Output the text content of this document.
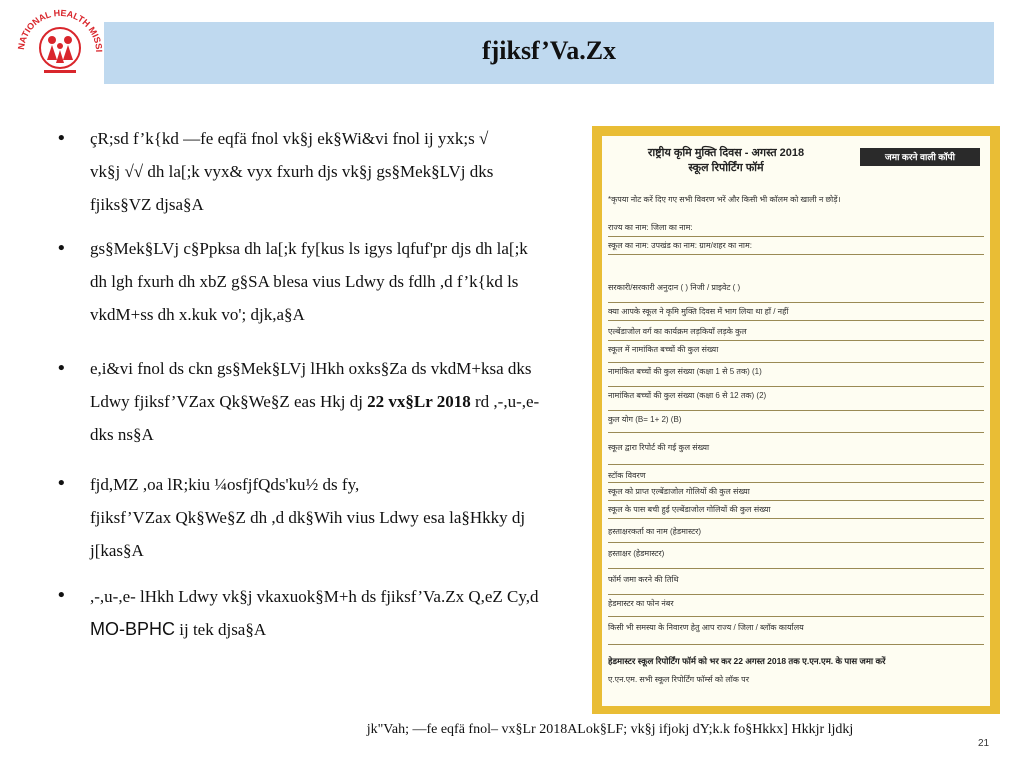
NATIONAL HEALTH MISSI	fjiksf’Va.Zx
• çR;sd f’k{kd —fe eqfä fnol vk§j ek§Wi&vi fnol ij yxk;s √
vk§j √√ dh la[;k vyx& vyx fxurh djs vk§j gs§Mek§LVj dks
fjiks§VZ djsa§A
• gs§Mek§LVj c§Ppksa dh la[;k fy[kus ls igys lqfuf'pr djs dh la[;k
dh lgh fxurh dh xbZ g§SA blesa vius Ldwy ds fdlh ,d f’k{kd ls
vkdM+ss dh x.kuk vo'; djk,a§A
• e,i&vi fnol ds ckn gs§Mek§LVj lHkh oxks§Za ds vkdM+ksa dks
Ldwy fjiksf’VZax Qk§We§Z eas Hkj dj 22 vx§Lr 2018 rd ,-,u-,e-
dks ns§A
• fjd,MZ ,oa lR;kiu ¼osfjfQds'ku½ ds fy,
fjiksf’VZax Qk§We§Z dh ,d dk§Wih vius Ldwy esa la§Hkky dj
j[kas§A
• ,-,u-,e- lHkh Ldwy vk§j vkaxuok§M+h ds fjiksf’Va.Zx Q,eZ Cy,d
MO-BPHC ij tek djsa§A
राष्ट्रीय कृमि मुक्ति दिवस - अगस्त 2018
स्कूल रिपोर्टिंग फॉर्म
जमा करने वाली कॉपी
*कृपया नोट करें दिए गए सभी विवरण भरें और किसी भी कॉलम को खाली न छोड़ें।
राज्य का नाम: जिला का नाम:
स्कूल का नाम: उपखंड का नाम: ग्राम/शहर का नाम:
सरकारी/सरकारी अनुदान ( ) निजी / प्राइवेट ( )
क्या आपके स्कूल ने कृमि मुक्ति दिवस में भाग लिया था हाँ / नहीं
एल्बेंडाजोल वर्ग का कार्यक्रम लड़कियाँ लड़के कुल
स्कूल में नामांकित बच्चों की कुल संख्या
नामांकित बच्चों की कुल संख्या (कक्षा 1 से 5 तक) (1)
नामांकित बच्चों की कुल संख्या (कक्षा 6 से 12 तक) (2)
कुल योग (B= 1+ 2) (B)
स्कूल द्वारा रिपोर्ट की गई कुल संख्या
स्टॉक विवरण
स्कूल को प्राप्त एल्बेंडाजोल गोलियों की कुल संख्या
स्कूल के पास बची हुई एल्बेंडाजोल गोलियों की कुल संख्या
हस्ताक्षरकर्ता का नाम (हेडमास्टर)
हस्ताक्षर (हेडमास्टर)
फॉर्म जमा करने की तिथि
हेडमास्टर का फोन नंबर
किसी भी समस्या के निवारण हेतु आप राज्य / जिला / ब्लॉक कार्यालय
हेडमास्टर स्कूल रिपोर्टिंग फॉर्म को भर कर 22 अगस्त 2018 तक ए.एन.एम. के पास जमा करें
ए.एन.एम. सभी स्कूल रिपोर्टिंग फॉर्म्स को लॉक पर
jk"Vah; —fe eqfä fnol– vx§Lr 2018ALok§LF; vk§j ifjokj dY;k.k fo§Hkkx] Hkkjr ljdkj
21
